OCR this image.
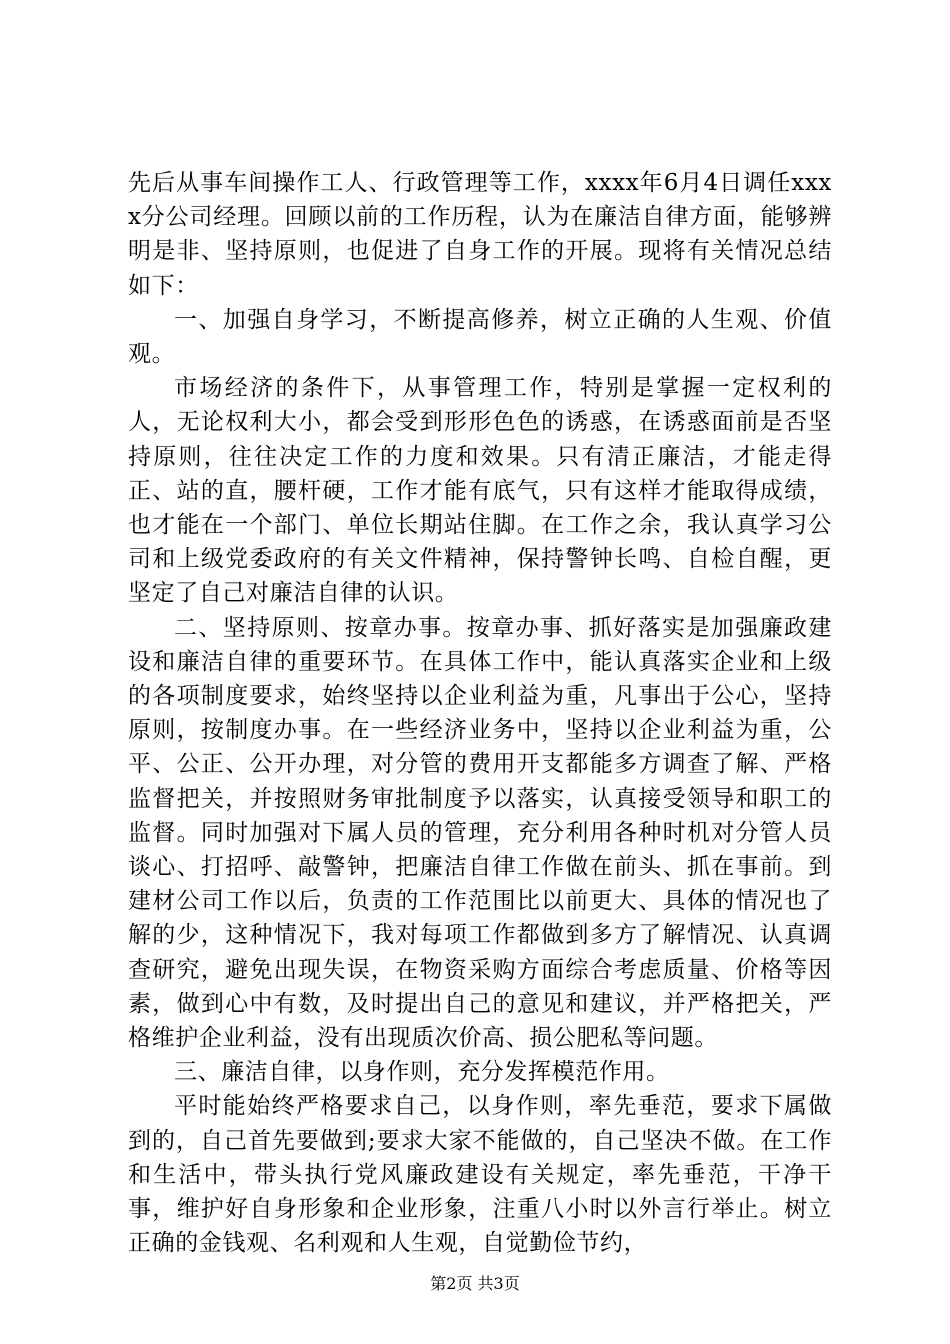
先后从事车间操作工人、行政管理等工作，xxxx年6月4日调任xxxx分公司经理。回顾以前的工作历程，认为在廉洁自律方面，能够辨明是非、坚持原则，也促进了自身工作的开展。现将有关情况总结如下：

一、加强自身学习，不断提高修养，树立正确的人生观、价值观。

市场经济的条件下，从事管理工作，特别是掌握一定权利的人，无论权利大小，都会受到形形色色的诱惑，在诱惑面前是否坚持原则，往往决定工作的力度和效果。只有清正廉洁，才能走得正、站的直，腰杆硬，工作才能有底气，只有这样才能取得成绩，也才能在一个部门、单位长期站住脚。在工作之余，我认真学习公司和上级党委政府的有关文件精神，保持警钟长鸣、自检自醒，更坚定了自己对廉洁自律的认识。

二、坚持原则、按章办事。按章办事、抓好落实是加强廉政建设和廉洁自律的重要环节。在具体工作中，能认真落实企业和上级的各项制度要求，始终坚持以企业利益为重，凡事出于公心，坚持原则，按制度办事。在一些经济业务中，坚持以企业利益为重，公平、公正、公开办理，对分管的费用开支都能多方调查了解、严格监督把关，并按照财务审批制度予以落实，认真接受领导和职工的监督。同时加强对下属人员的管理，充分利用各种时机对分管人员谈心、打招呼、敲警钟，把廉洁自律工作做在前头、抓在事前。到建材公司工作以后，负责的工作范围比以前更大、具体的情况也了解的少，这种情况下，我对每项工作都做到多方了解情况、认真调查研究，避免出现失误，在物资采购方面综合考虑质量、价格等因素，做到心中有数，及时提出自己的意见和建议，并严格把关，严格维护企业利益，没有出现质次价高、损公肥私等问题。

三、廉洁自律，以身作则，充分发挥模范作用。

平时能始终严格要求自己，以身作则，率先垂范，要求下属做到的，自己首先要做到;要求大家不能做的，自己坚决不做。在工作和生活中，带头执行党风廉政建设有关规定，率先垂范，干净干事，维护好自身形象和企业形象，注重八小时以外言行举止。树立正确的金钱观、名利观和人生观，自觉勤俭节约，

第2页 共3页
